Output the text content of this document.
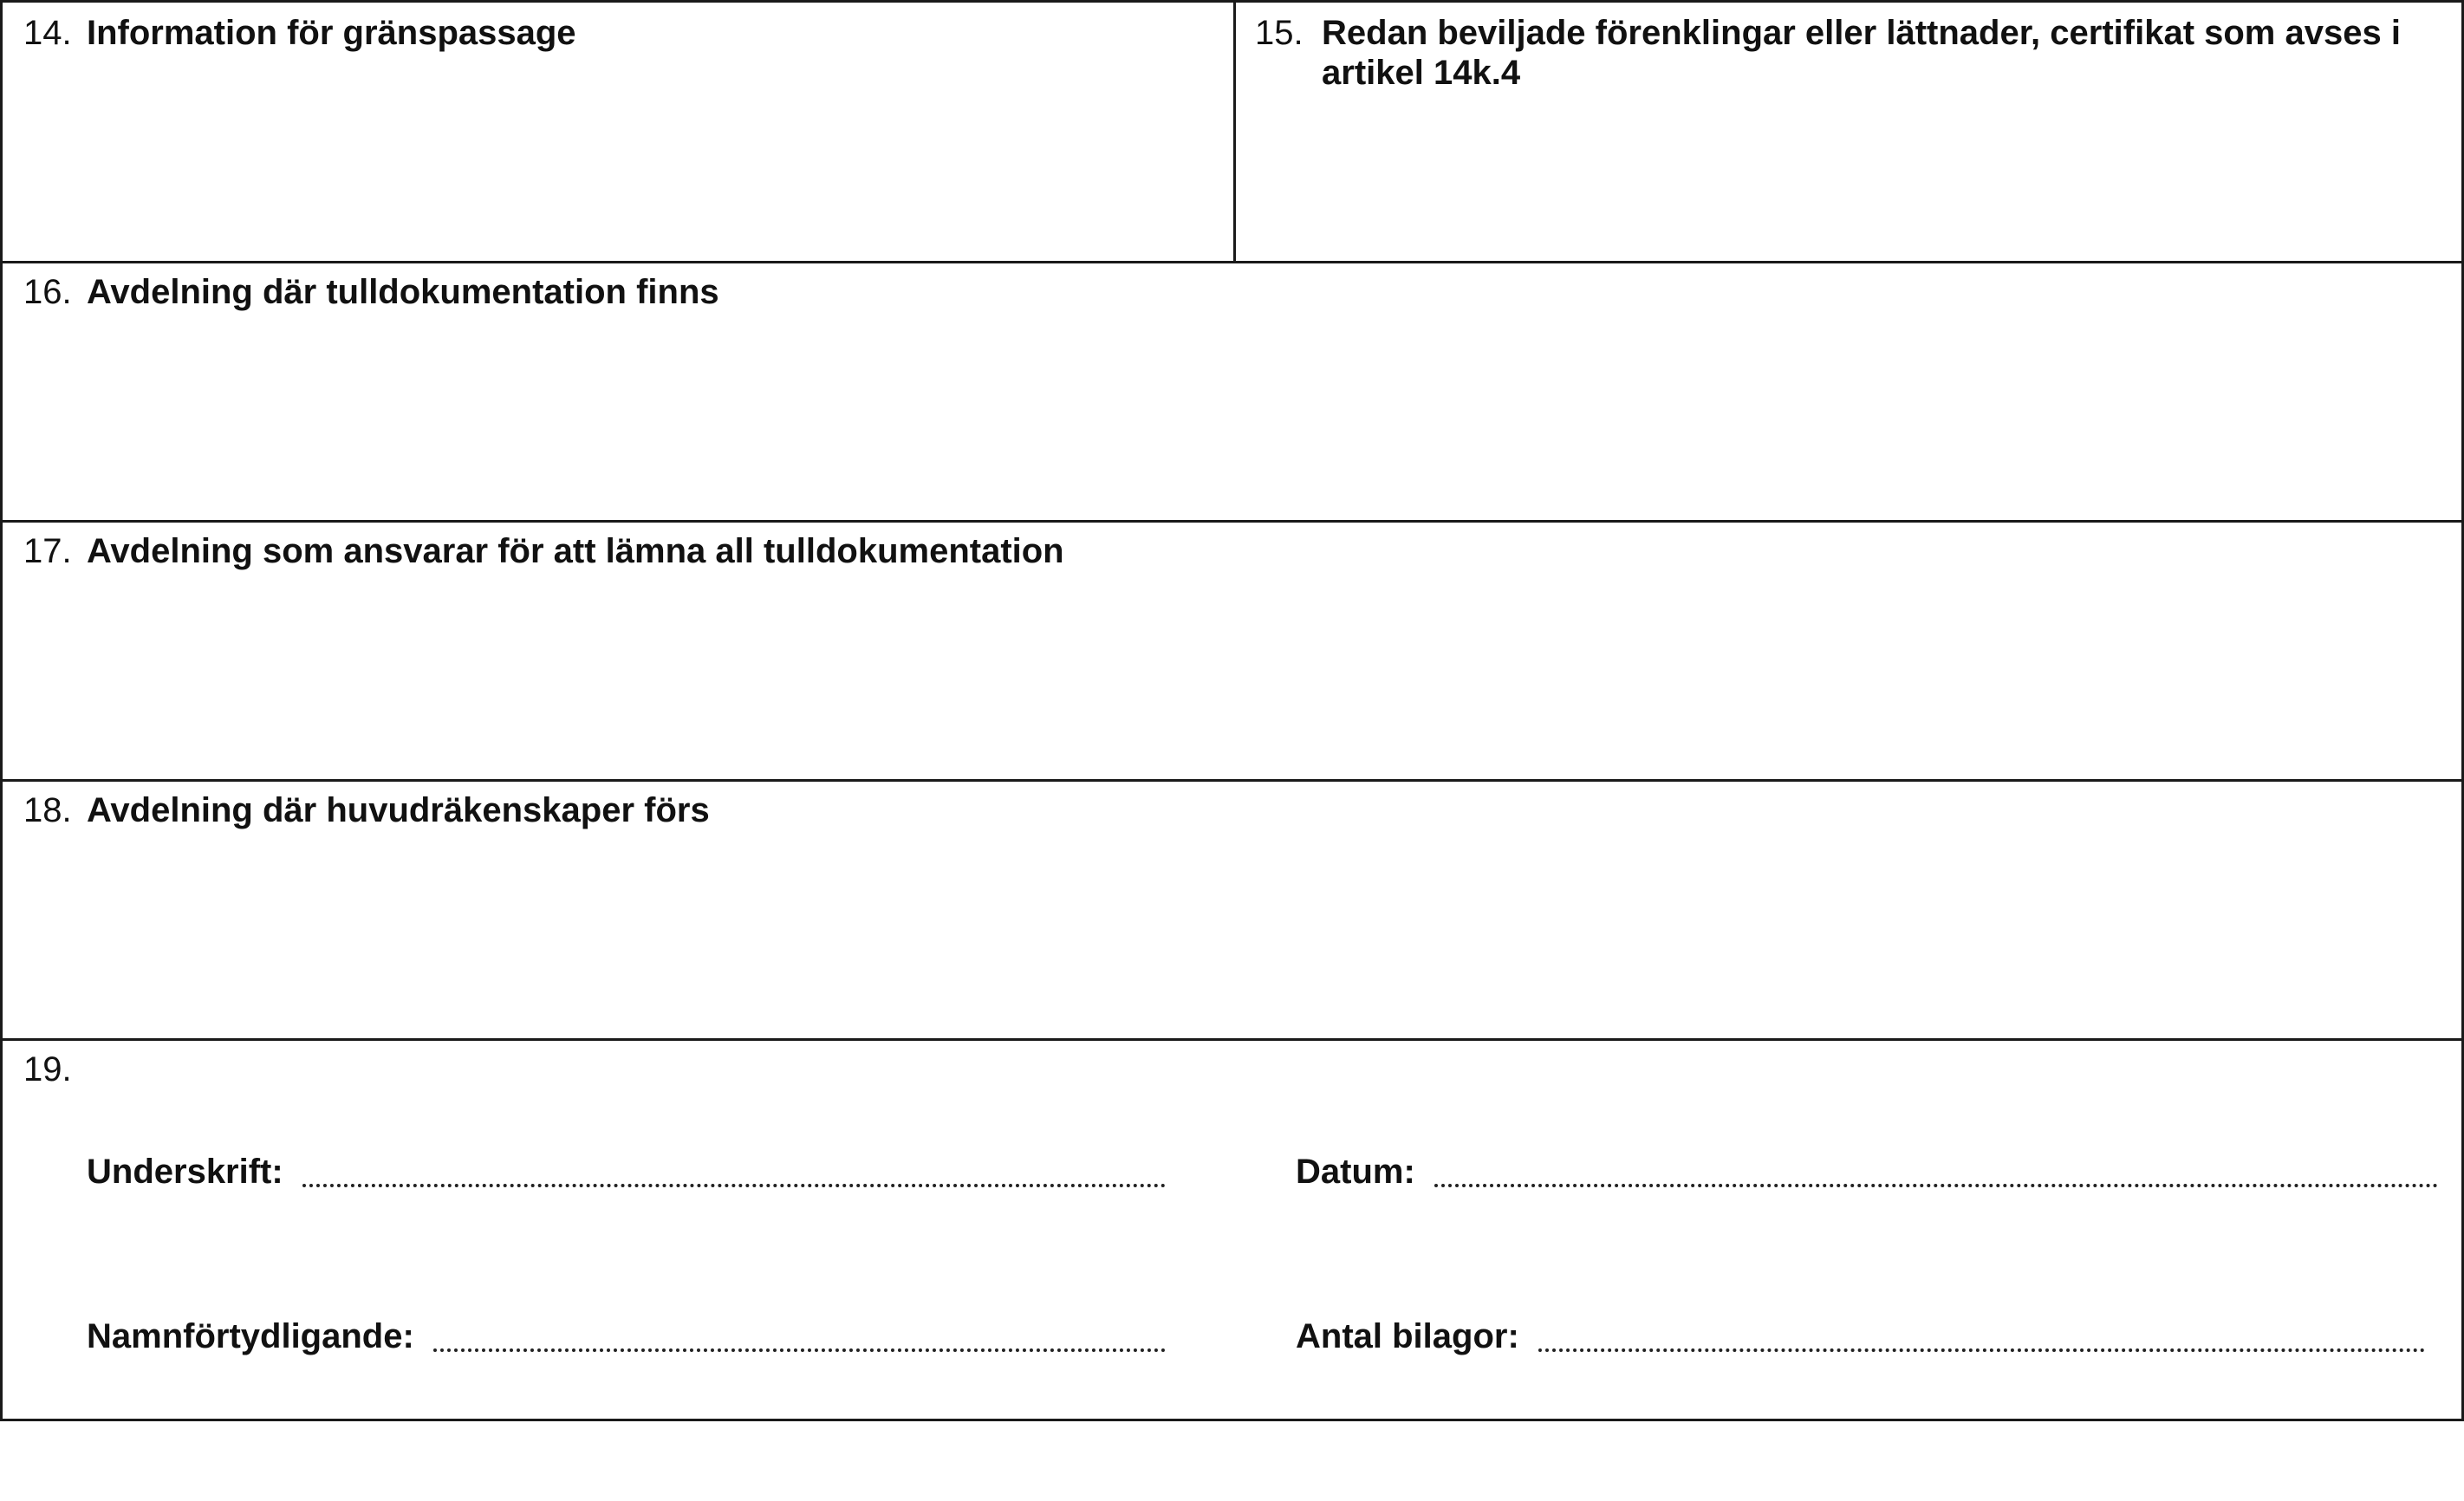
14. Information för gränspassage	15. Redan beviljade förenklingar eller lättnader, certifikat som avses i artikel 14k.4
16. Avdelning där tulldokumentation finns
17. Avdelning som ansvarar för att lämna all tulldokumentation
18. Avdelning där huvudräkenskaper förs
19.
Underskrift:	Datum:
Namnförtydligande:	Antal bilagor:
